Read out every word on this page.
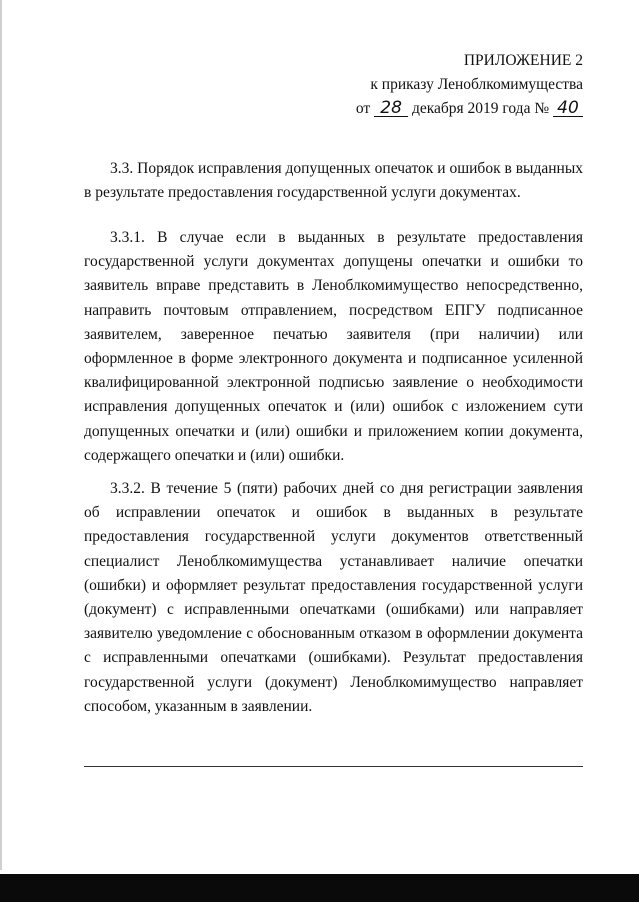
ПРИЛОЖЕНИЕ 2
к приказу Леноблкомимущества
от 28 декабря 2019 года № 40

3.3. Порядок исправления допущенных опечаток и ошибок в выданных в результате предоставления государственной услуги документах.

3.3.1. В случае если в выданных в результате предоставления государственной услуги документах допущены опечатки и ошибки то заявитель вправе представить в Леноблкомимущество непосредственно, направить почтовым отправлением, посредством ЕПГУ подписанное заявителем, заверенное печатью заявителя (при наличии) или оформленное в форме электронного документа и подписанное усиленной квалифицированной электронной подписью заявление о необходимости исправления допущенных опечаток и (или) ошибок с изложением сути допущенных опечатки и (или) ошибки и приложением копии документа, содержащего опечатки и (или) ошибки.

3.3.2. В течение 5 (пяти) рабочих дней со дня регистрации заявления об исправлении опечаток и ошибок в выданных в результате предоставления государственной услуги документов ответственный специалист Леноблкомимущества устанавливает наличие опечатки (ошибки) и оформляет результат предоставления государственной услуги (документ) с исправленными опечатками (ошибками) или направляет заявителю уведомление с обоснованным отказом в оформлении документа с исправленными опечатками (ошибками). Результат предоставления государственной услуги (документ) Леноблкомимущество направляет способом, указанным в заявлении.
